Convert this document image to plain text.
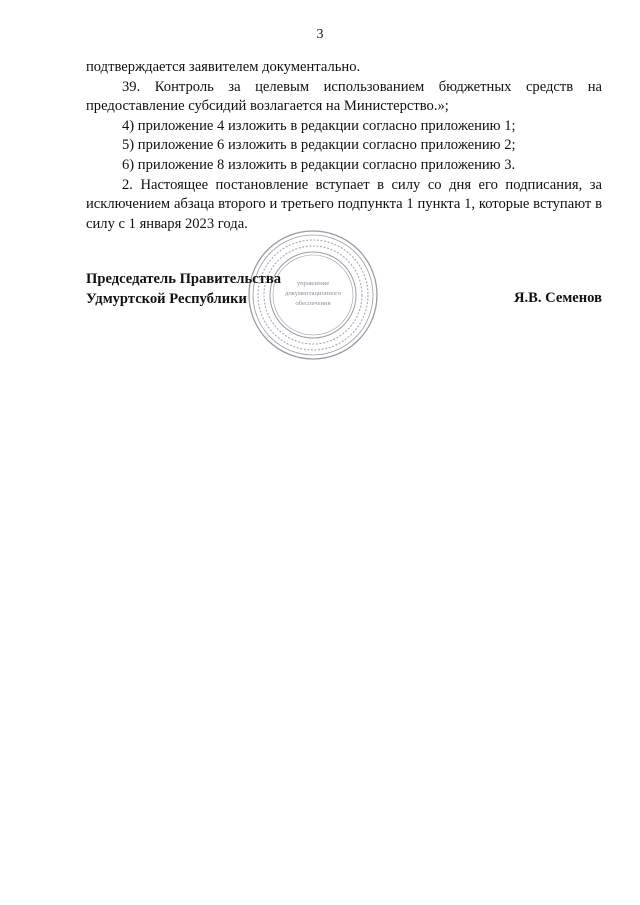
3

подтверждается заявителем документально.

39. Контроль за целевым использованием бюджетных средств на предоставление субсидий возлагается на Министерство.»;

4) приложение 4 изложить в редакции согласно приложению 1;

5) приложение 6 изложить в редакции согласно приложению 2;

6) приложение 8 изложить в редакции согласно приложению 3.

2. Настоящее постановление вступает в силу со дня его подписания, за исключением абзаца второго и третьего подпункта 1 пункта 1, которые вступают в силу с 1 января 2023 года.

управление
документационного
обеспечения
Председатель Правительства
Удмуртской Республики	Я.В. Семенов
